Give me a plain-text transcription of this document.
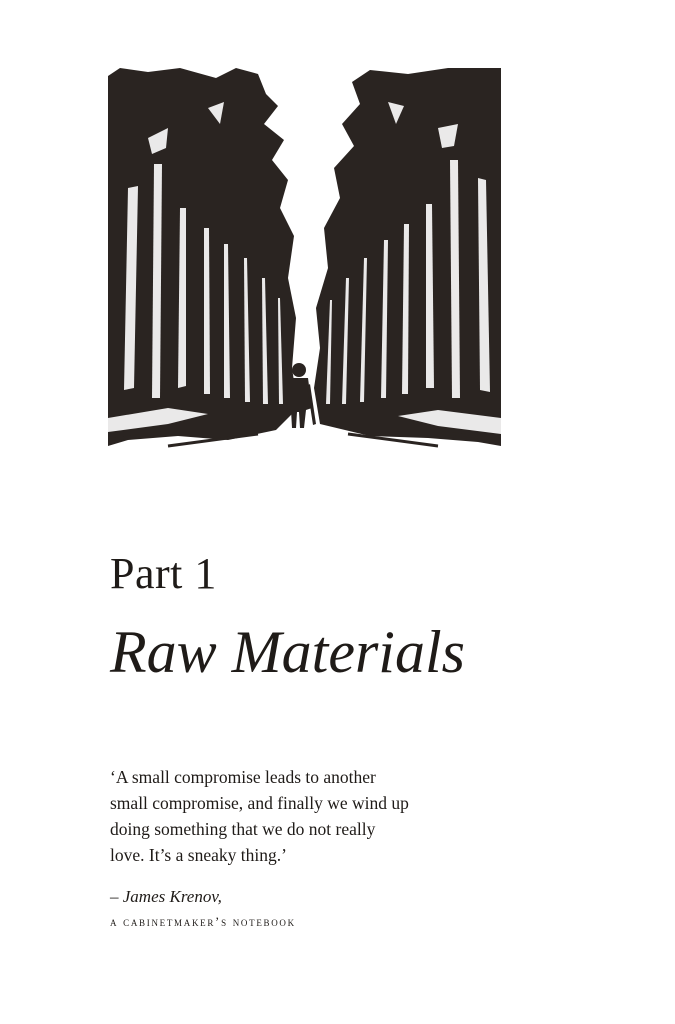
Part 1
Raw Materials

‘A small compromise leads to another small compromise, and finally we wind up doing something that we do not really love. It’s a sneaky thing.’

– James Krenov,
a cabinetmaker’s notebook
